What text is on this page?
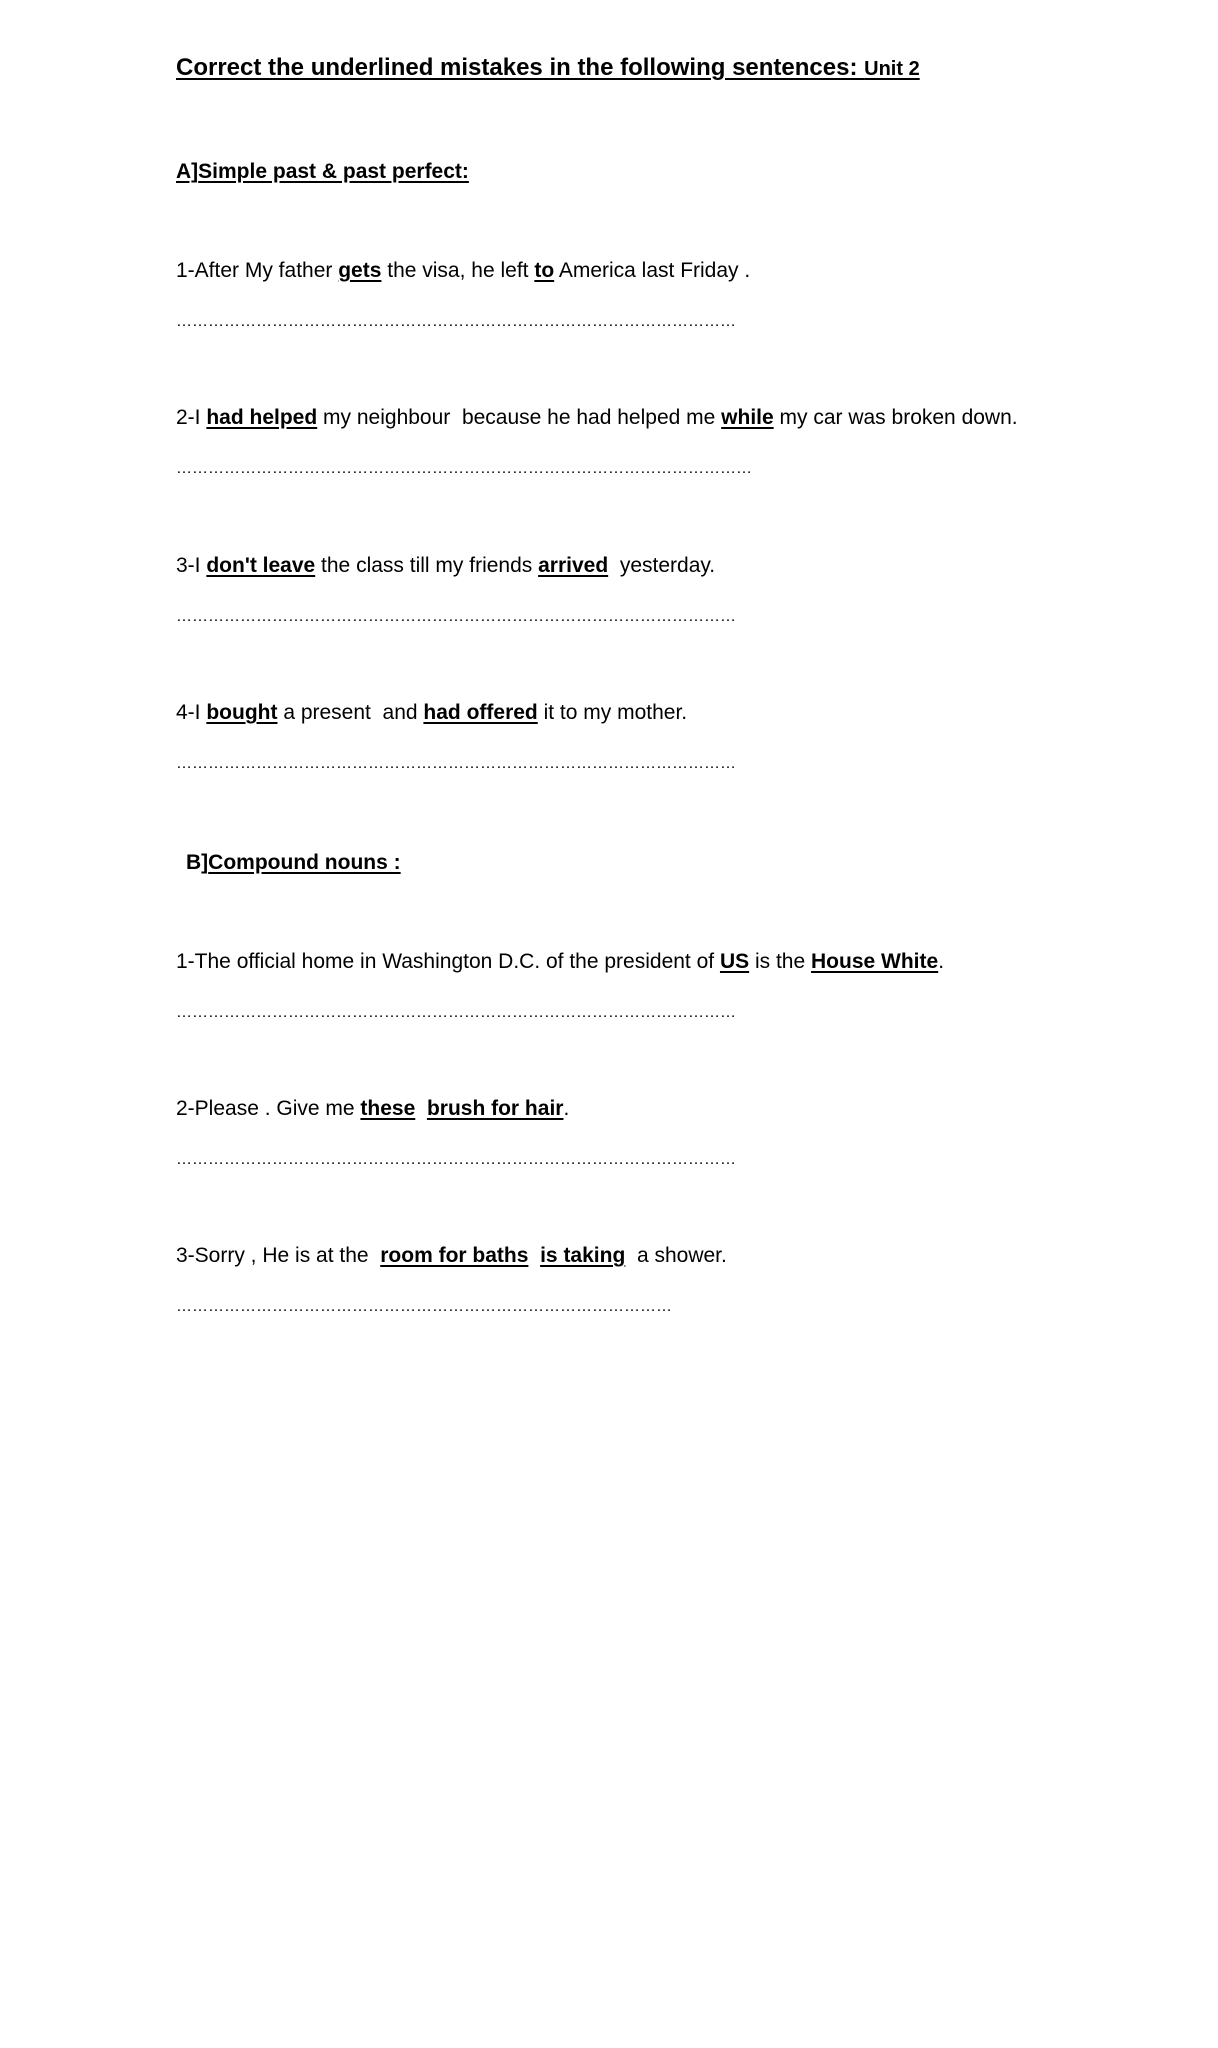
Correct the underlined mistakes in the following sentences: Unit 2
A]Simple past & past perfect:
1-After My father gets the visa, he left to America last Friday .
……………………………………………………………………………………………
2-I had helped my neighbour  because he had helped me while my car was broken down.
………………………………………………………………………………………………
3-I don't leave the class till my friends arrived  yesterday.
……………………………………………………………………………………………
4-I bought a present  and had offered it to my mother.
……………………………………………………………………………………………
B]Compound nouns :
1-The official home in Washington D.C. of the president of US is the House White.
……………………………………………………………………………………………
2-Please . Give me these brush for hair.
……………………………………………………………………………………………
3-Sorry , He is at the  room for baths is taking  a shower.
…………………………………………………………………………………
